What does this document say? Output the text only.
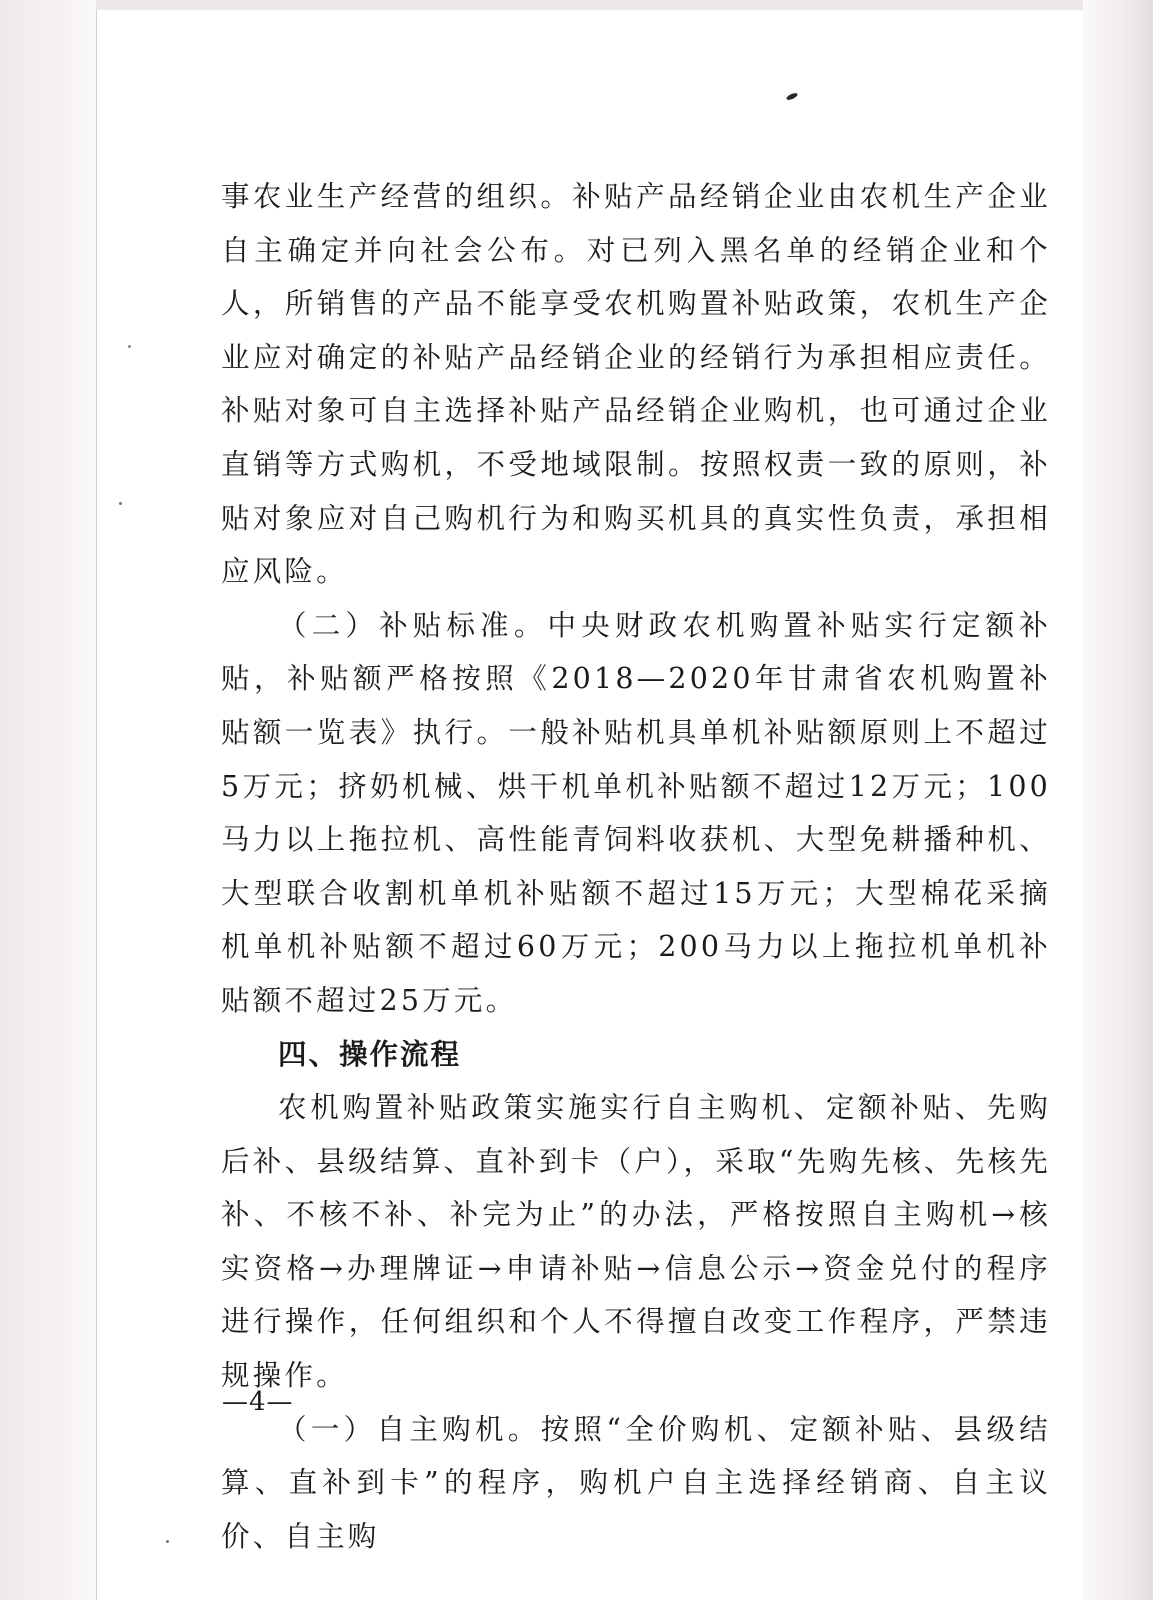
事农业生产经营的组织。补贴产品经销企业由农机生产企业自主确定并向社会公布。对已列入黑名单的经销企业和个人，所销售的产品不能享受农机购置补贴政策，农机生产企业应对确定的补贴产品经销企业的经销行为承担相应责任。补贴对象可自主选择补贴产品经销企业购机，也可通过企业直销等方式购机，不受地域限制。按照权责一致的原则，补贴对象应对自己购机行为和购买机具的真实性负责，承担相应风险。

（二）补贴标准。中央财政农机购置补贴实行定额补贴，补贴额严格按照《2018—2020年甘肃省农机购置补贴额一览表》执行。一般补贴机具单机补贴额原则上不超过5万元；挤奶机械、烘干机单机补贴额不超过12万元；100马力以上拖拉机、高性能青饲料收获机、大型免耕播种机、大型联合收割机单机补贴额不超过15万元；大型棉花采摘机单机补贴额不超过60万元；200马力以上拖拉机单机补贴额不超过25万元。

四、操作流程

农机购置补贴政策实施实行自主购机、定额补贴、先购后补、县级结算、直补到卡（户），采取“先购先核、先核先补、不核不补、补完为止”的办法，严格按照自主购机→核实资格→办理牌证→申请补贴→信息公示→资金兑付的程序进行操作，任何组织和个人不得擅自改变工作程序，严禁违规操作。

（一）自主购机。按照“全价购机、定额补贴、县级结算、直补到卡”的程序，购机户自主选择经销商、自主议价、自主购

—4—
